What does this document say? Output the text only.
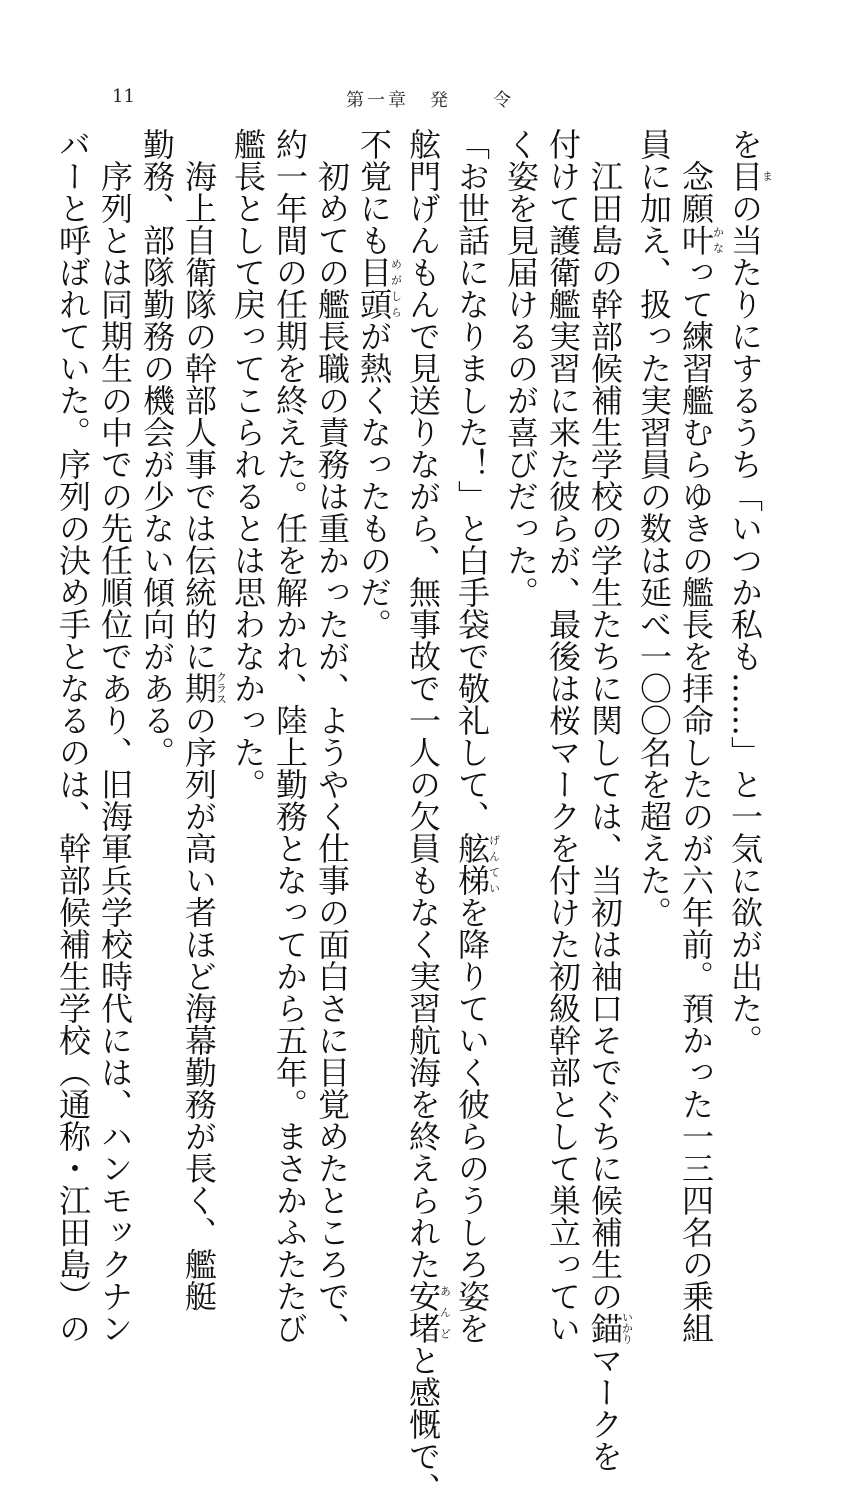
11	第一章　発　　令
を目まの当たりにするうち「いつか私も……」と一気に欲が出た。
　念願叶かなって練習艦むらゆきの艦長を拝命したのが六年前。預かった一三四名の乗組
員に加え、扱った実習員の数は延べ一〇〇名を超えた。
　江田島の幹部候補生学校の学生たちに関しては、当初は袖口そでぐちに候補生の錨いかりマークを
付けて護衛艦実習に来た彼らが、最後は桜マークを付けた初級幹部として巣立ってい
く姿を見届けるのが喜びだった。
「お世話になりました！」と白手袋で敬礼して、舷梯げんていを降りていく彼らのうしろ姿を
舷門げんもんで見送りながら、無事故で一人の欠員もなく実習航海を終えられた安堵あんどと感慨で、
不覚にも目頭めがしらが熱くなったものだ。
　初めての艦長職の責務は重かったが、ようやく仕事の面白さに目覚めたところで、
約一年間の任期を終えた。任を解かれ、陸上勤務となってから五年。まさかふたたび
艦長として戻ってこられるとは思わなかった。
　海上自衛隊の幹部人事では伝統的に期クラスの序列が高い者ほど海幕勤務が長く、艦艇
勤務、部隊勤務の機会が少ない傾向がある。
　序列とは同期生の中での先任順位であり、旧海軍兵学校時代には、ハンモックナン
バーと呼ばれていた。序列の決め手となるのは、幹部候補生学校（通称・江田島）の
